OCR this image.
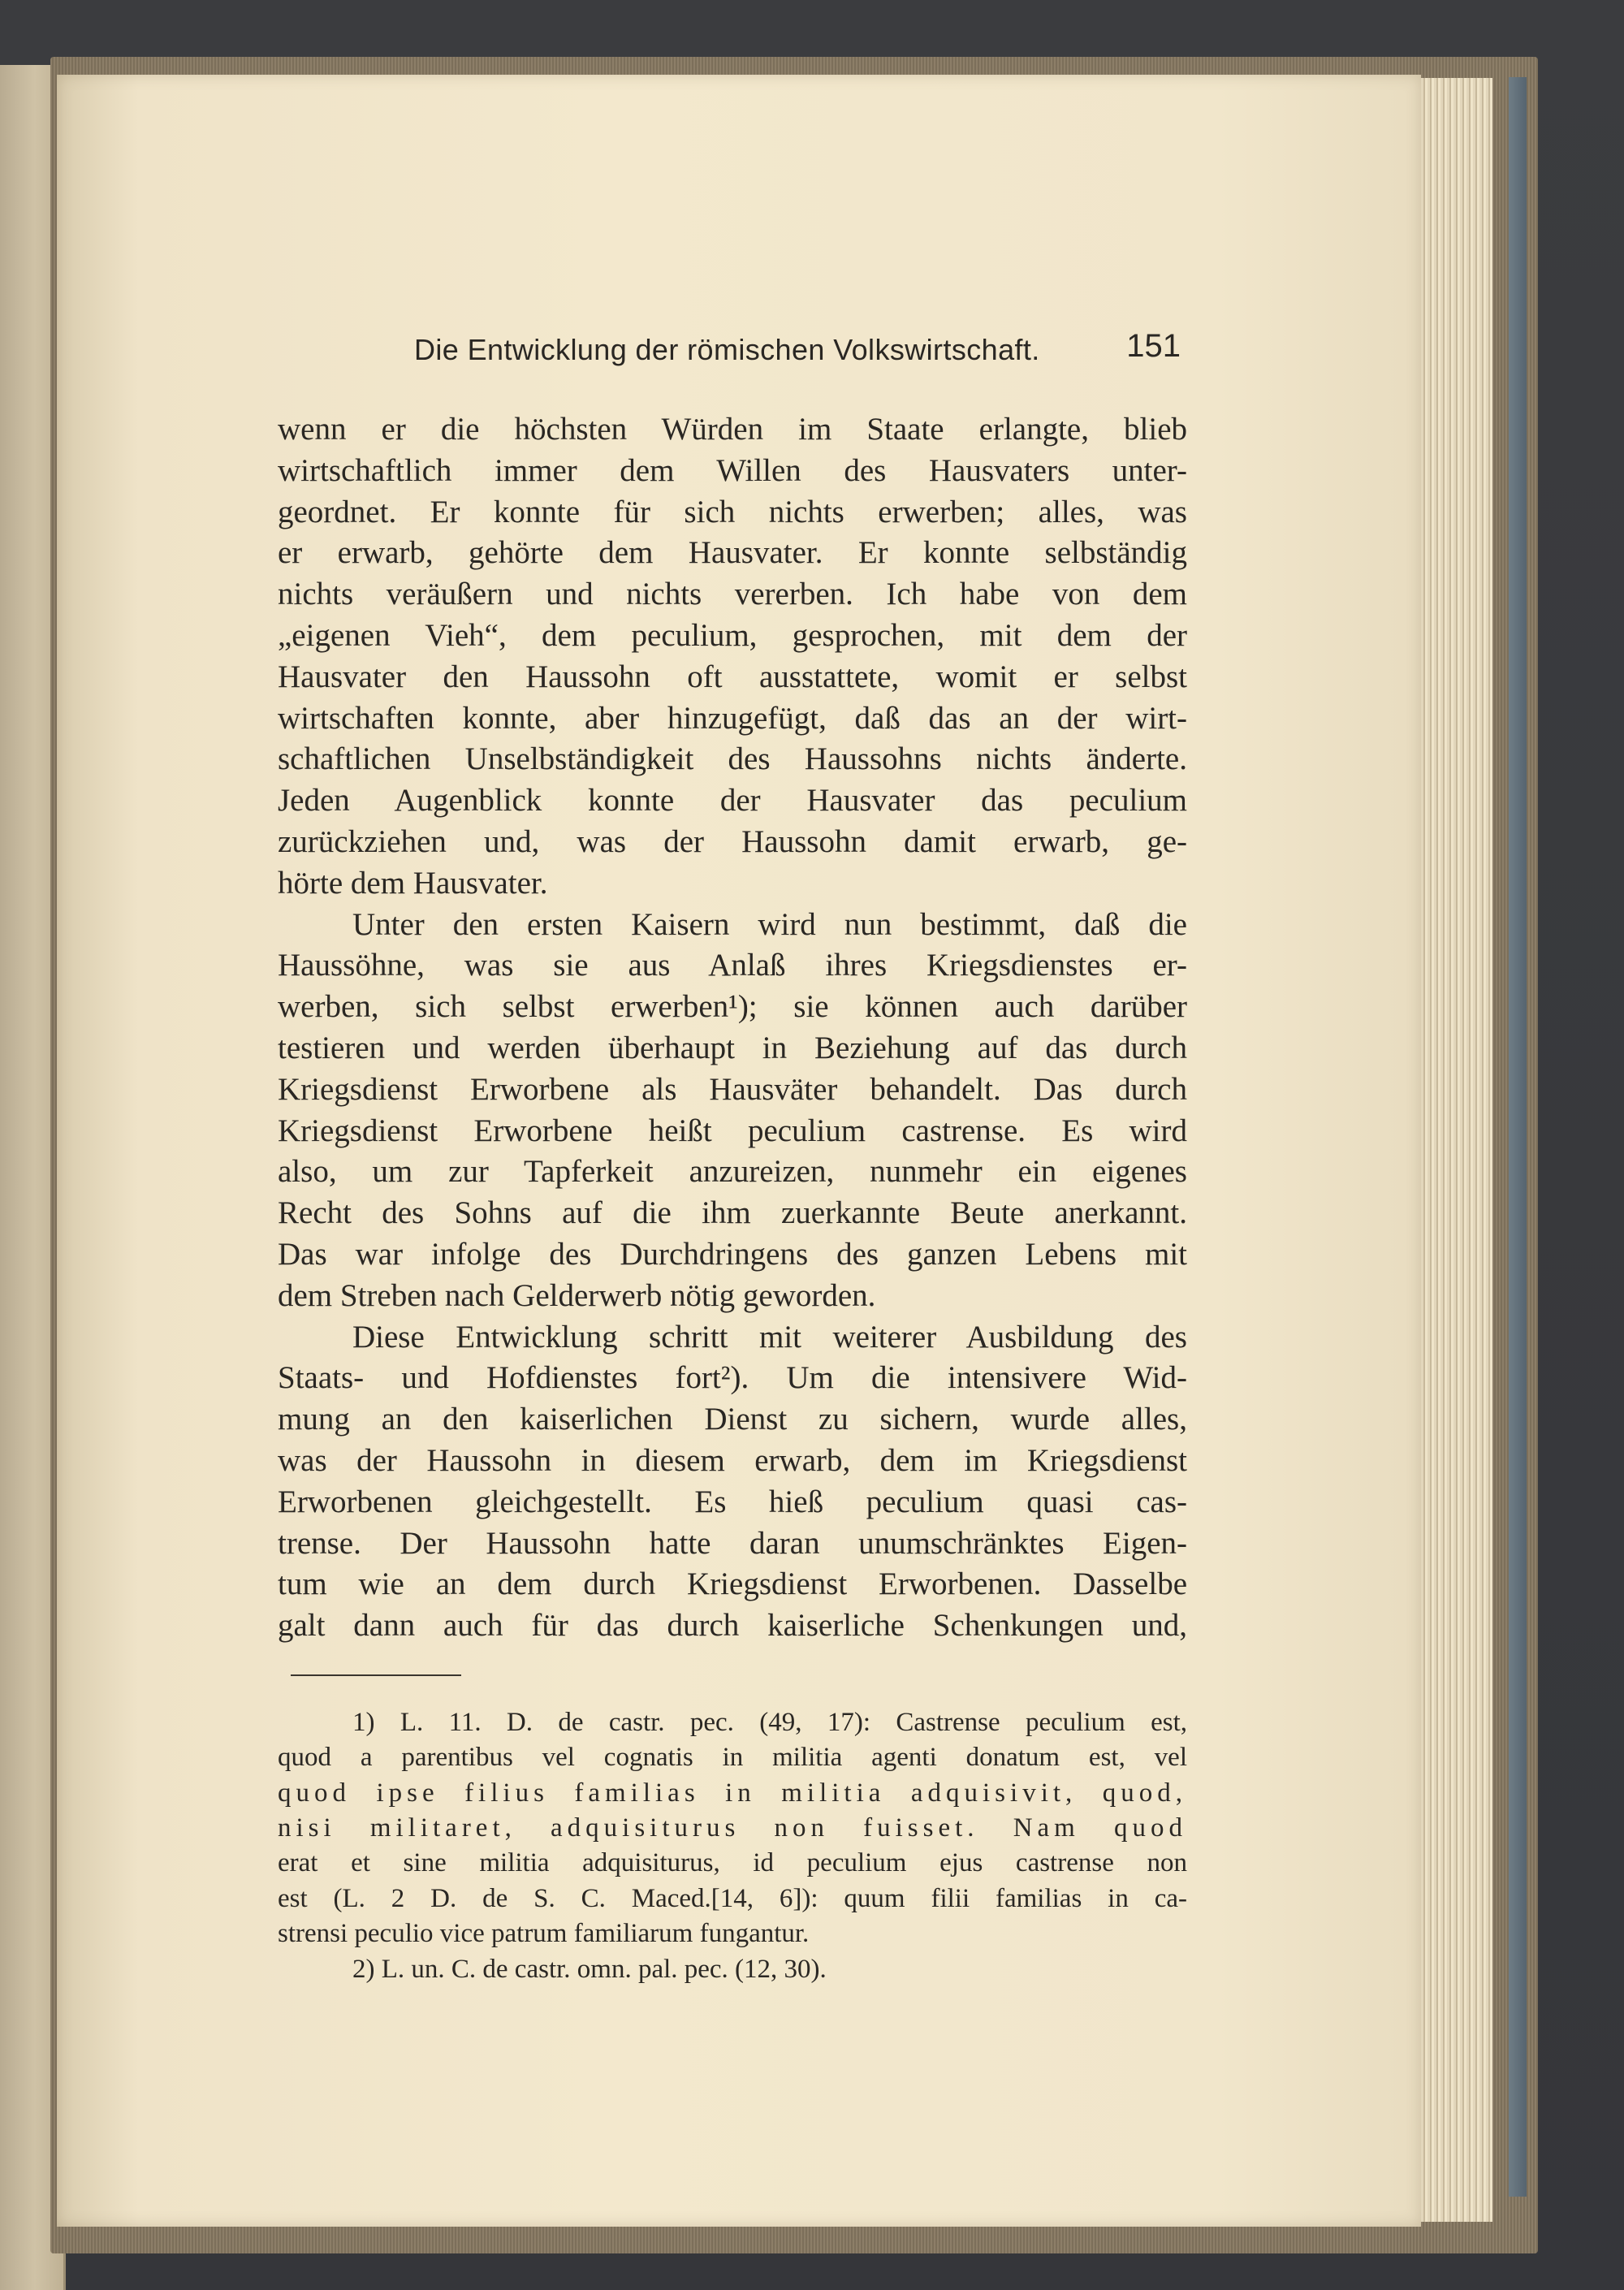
Die Entwicklung der römischen Volkswirtschaft.	151
wenn er die höchsten Würden im Staate erlangte, blieb
wirtschaftlich immer dem Willen des Hausvaters unter-
geordnet. Er konnte für sich nichts erwerben; alles, was
er erwarb, gehörte dem Hausvater. Er konnte selbständig
nichts veräußern und nichts vererben. Ich habe von dem
„eigenen Vieh“, dem peculium, gesprochen, mit dem der
Hausvater den Haussohn oft ausstattete, womit er selbst
wirtschaften konnte, aber hinzugefügt, daß das an der wirt-
schaftlichen Unselbständigkeit des Haussohns nichts änderte.
Jeden Augenblick konnte der Hausvater das peculium
zurückziehen und, was der Haussohn damit erwarb, ge-
hörte dem Hausvater.
Unter den ersten Kaisern wird nun bestimmt, daß die
Haussöhne, was sie aus Anlaß ihres Kriegsdienstes er-
werben, sich selbst erwerben¹); sie können auch darüber
testieren und werden überhaupt in Beziehung auf das durch
Kriegsdienst Erworbene als Hausväter behandelt. Das durch
Kriegsdienst Erworbene heißt peculium castrense. Es wird
also, um zur Tapferkeit anzureizen, nunmehr ein eigenes
Recht des Sohns auf die ihm zuerkannte Beute anerkannt.
Das war infolge des Durchdringens des ganzen Lebens mit
dem Streben nach Gelderwerb nötig geworden.
Diese Entwicklung schritt mit weiterer Ausbildung des
Staats- und Hofdienstes fort²). Um die intensivere Wid-
mung an den kaiserlichen Dienst zu sichern, wurde alles,
was der Haussohn in diesem erwarb, dem im Kriegsdienst
Erworbenen gleichgestellt. Es hieß peculium quasi cas-
trense. Der Haussohn hatte daran unumschränktes Eigen-
tum wie an dem durch Kriegsdienst Erworbenen. Dasselbe
galt dann auch für das durch kaiserliche Schenkungen und,
1) L. 11. D. de castr. pec. (49, 17): Castrense peculium est,
quod a parentibus vel cognatis in militia agenti donatum est, vel
quod ipse filius familias in militia adquisivit, quod,
nisi militaret, adquisiturus non fuisset. Nam quod
erat et sine militia adquisiturus, id peculium ejus castrense non
est (L. 2 D. de S. C. Maced.[14, 6]): quum filii familias in ca-
strensi peculio vice patrum familiarum fungantur.
2) L. un. C. de castr. omn. pal. pec. (12, 30).
